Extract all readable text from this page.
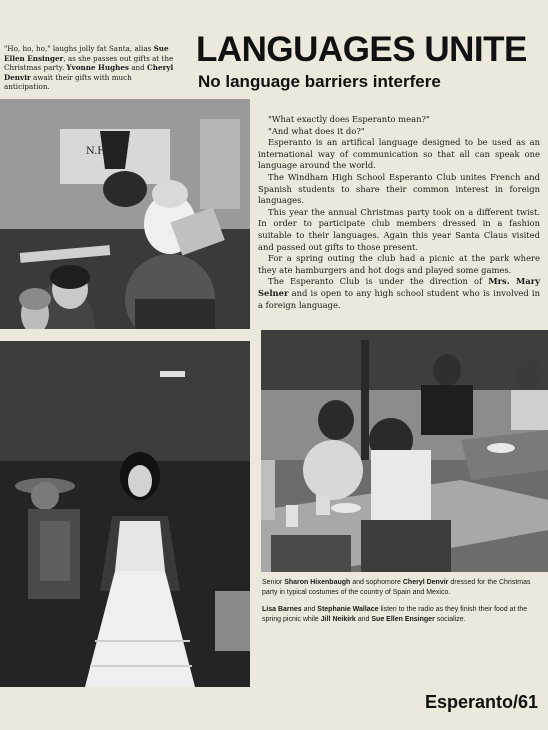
"Ho, ho, ho," laughs jolly fat Santa, alias Sue Ellen Ensinger, as she passes out gifts at the Christmas party. Yvonne Hughes and Cheryl Denvir await their gifts with much anticipation.
LANGUAGES UNITE
No language barriers interfere
N.H.S.

"What exactly does Esperanto mean?"

"And what does it do?"

Esperanto is an artifical language designed to be used as an international way of communication so that all can speak one language around the world.

The Windham High School Esperanto Club unites French and Spanish students to share their common interest in foreign languages.

This year the annual Christmas party took on a different twist. In order to participate club members dressed in a fashion suitable to their languages. Again this year Santa Claus visited and passed out gifts to those present.

For a spring outing the club had a picnic at the park where they ate hamburgers and hot dogs and played some games.

The Esperanto Club is under the direction of Mrs. Mary Selner and is open to any high school student who is involved in a foreign language.

Senior Sharon Hixenbaugh and sophomore Cheryl Denvir dressed for the Christmas party in typical costumes of the country of Spain and Mexico.

Lisa Barnes and Stephanie Wallace listen to the radio as they finish their food at the spring picnic while Jill Neikirk and Sue Ellen Ensinger socialize.

Esperanto/61
